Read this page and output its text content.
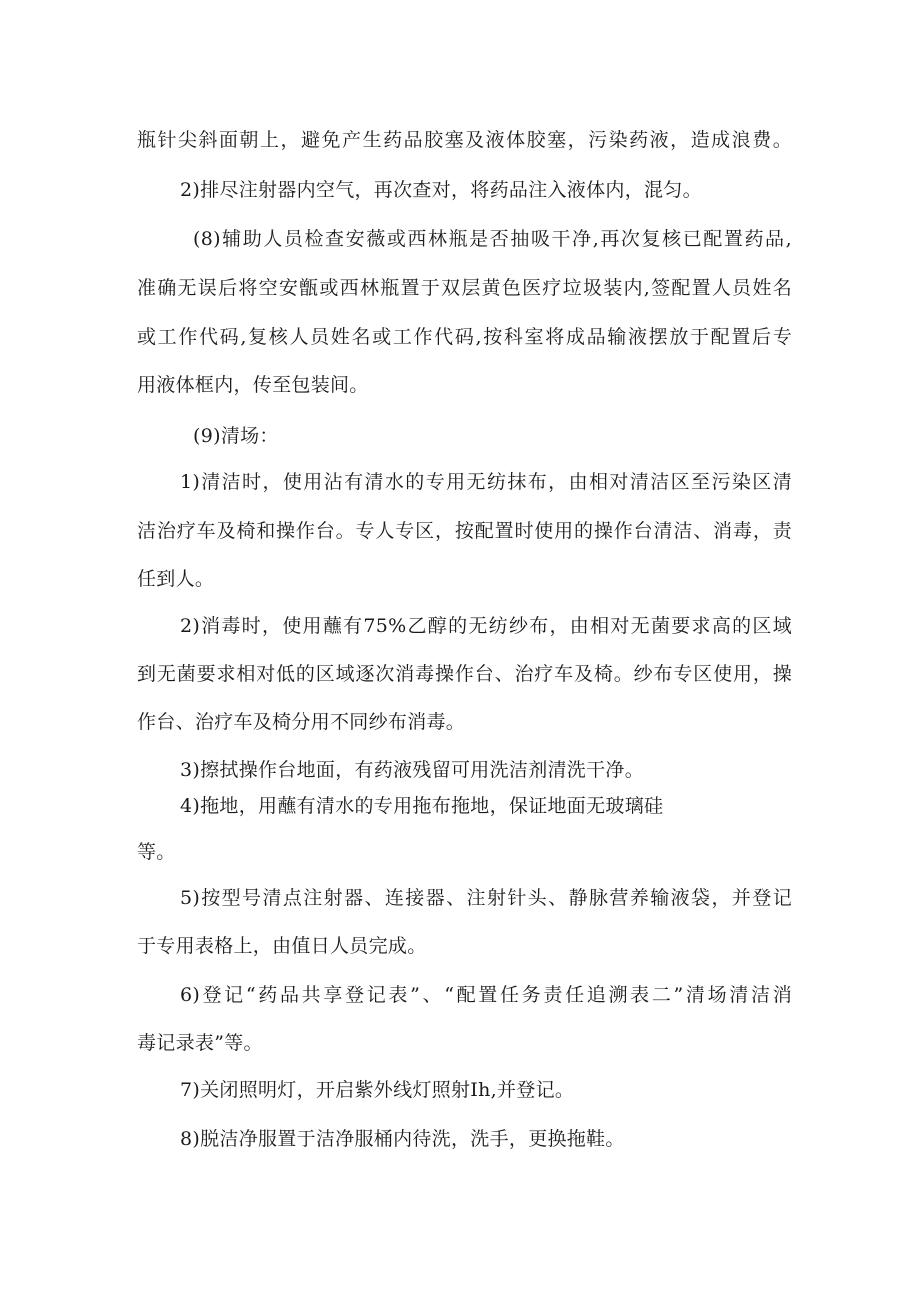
瓶针尖斜面朝上，避免产生药品胶塞及液体胶塞，污染药液，造成浪费。
2)排尽注射器内空气，再次查对，将药品注入液体内，混匀。
(8)辅助人员检查安薇或西林瓶是否抽吸干净,再次复核已配置药品,
准确无误后将空安甑或西林瓶置于双层黄色医疗垃圾装内,签配置人员姓名
或工作代码,复核人员姓名或工作代码,按科室将成品输液摆放于配置后专
用液体框内，传至包装间。
(9)清场：
1)清洁时，使用沾有清水的专用无纺抹布，由相对清洁区至污染区清
洁治疗车及椅和操作台。专人专区，按配置时使用的操作台清洁、消毒，责
任到人。
2)消毒时，使用蘸有75%乙醇的无纺纱布，由相对无菌要求高的区域
到无菌要求相对低的区域逐次消毒操作台、治疗车及椅。纱布专区使用，操
作台、治疗车及椅分用不同纱布消毒。
3)擦拭操作台地面，有药液残留可用洗洁剂清洗干净。
4)拖地，用蘸有清水的专用拖布拖地，保证地面无玻璃硅
等。
5)按型号清点注射器、连接器、注射针头、静脉营养输液袋，并登记
于专用表格上，由值日人员完成。
6)登记“药品共享登记表”、“配置任务责任追溯表二”清场清洁消
毒记录表”等。
7)关闭照明灯，开启紫外线灯照射Ih,并登记。
8)脱洁净服置于洁净服桶内待洗，洗手，更换拖鞋。
